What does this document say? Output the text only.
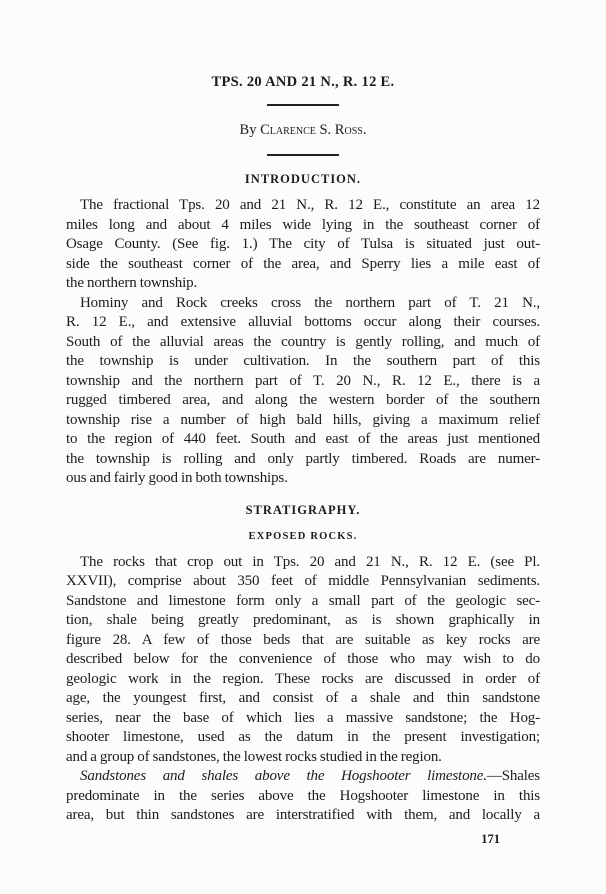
TPS. 20 AND 21 N., R. 12 E.
By Clarence S. Ross.
INTRODUCTION.
The fractional Tps. 20 and 21 N., R. 12 E., constitute an area 12
miles long and about 4 miles wide lying in the southeast corner of
Osage County. (See fig. 1.) The city of Tulsa is situated just out-
side the southeast corner of the area, and Sperry lies a mile east of
the northern township.
Hominy and Rock creeks cross the northern part of T. 21 N.,
R. 12 E., and extensive alluvial bottoms occur along their courses.
South of the alluvial areas the country is gently rolling, and much of
the township is under cultivation. In the southern part of this
township and the northern part of T. 20 N., R. 12 E., there is a
rugged timbered area, and along the western border of the southern
township rise a number of high bald hills, giving a maximum relief
to the region of 440 feet. South and east of the areas just mentioned
the township is rolling and only partly timbered. Roads are numer-
ous and fairly good in both townships.
STRATIGRAPHY.
EXPOSED ROCKS.
The rocks that crop out in Tps. 20 and 21 N., R. 12 E. (see Pl.
XXVII), comprise about 350 feet of middle Pennsylvanian sediments.
Sandstone and limestone form only a small part of the geologic sec-
tion, shale being greatly predominant, as is shown graphically in
figure 28. A few of those beds that are suitable as key rocks are
described below for the convenience of those who may wish to do
geologic work in the region. These rocks are discussed in order of
age, the youngest first, and consist of a shale and thin sandstone
series, near the base of which lies a massive sandstone; the Hog-
shooter limestone, used as the datum in the present investigation;
and a group of sandstones, the lowest rocks studied in the region.
Sandstones and shales above the Hogshooter limestone.—Shales
predominate in the series above the Hogshooter limestone in this
area, but thin sandstones are interstratified with them, and locally a
171
